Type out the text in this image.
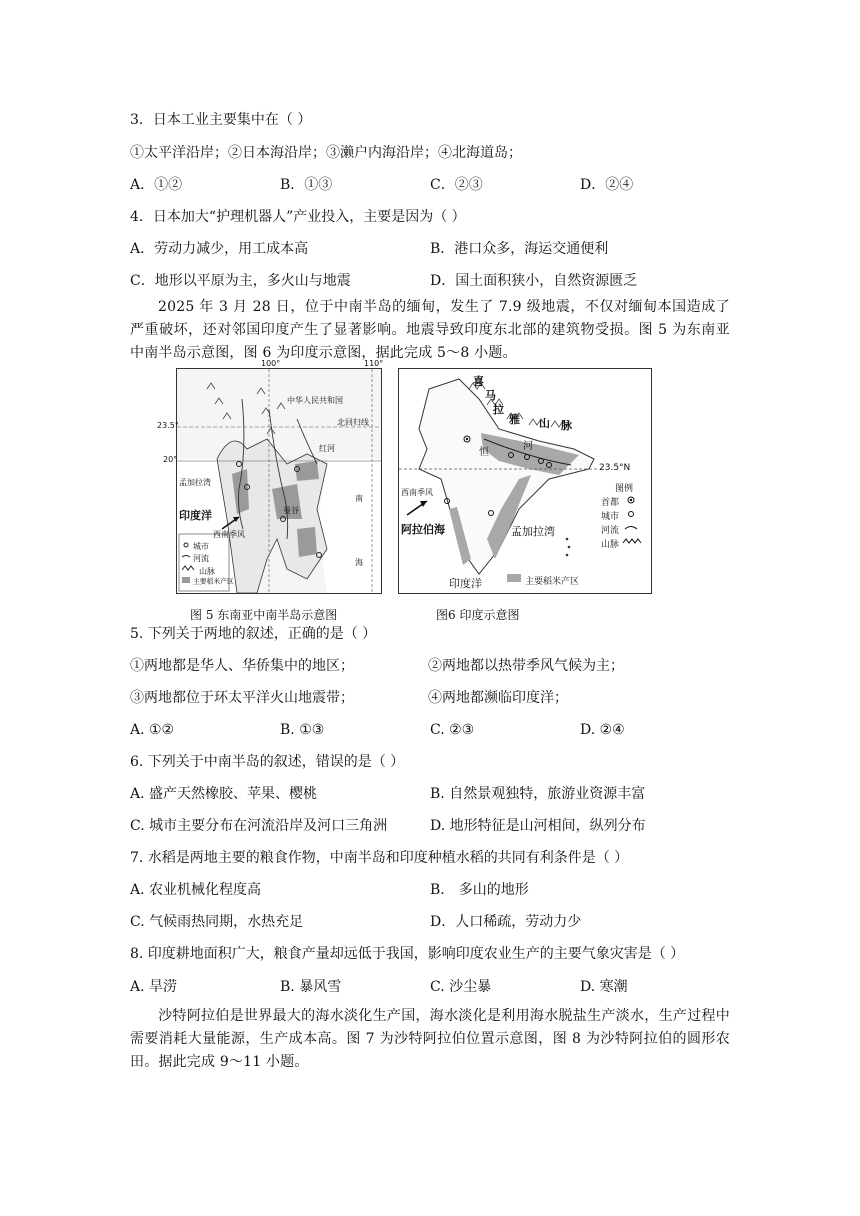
3．日本工业主要集中在（ ）
①太平洋沿岸；②日本海沿岸；③濑户内海沿岸；④北海道岛；
A．①②	B．①③	C．②③	D．②④
4．日本加大“护理机器人”产业投入，主要是因为（ ）
A．劳动力减少，用工成本高	B．港口众多，海运交通便利
C．地形以平原为主，多火山与地震	D．国土面积狭小，自然资源匮乏
2025 年 3 月 28 日，位于中南半岛的缅甸，发生了 7.9 级地震，不仅对缅甸本国造成了严重破坏，还对邻国印度产生了显著影响。地震导致印度东北部的建筑物受损。图 5 为东南亚中南半岛示意图，图 6 为印度示意图，据此完成 5～8 小题。
100°	110°
23.5°
20°
中华人民共和国
北回归线
红河
孟加拉湾
印度洋
西南季风
曼谷
南
海
城市
河流
山脉
主要稻米产区
图 5 东南亚中南半岛示意图
喜
马
拉
雅 山 脉
恒
河
23.5°N
西南季风
阿拉伯海	孟加拉湾
印度洋	主要稻米产区
图例
首都
城市
河流
山脉
图6 印度示意图
5. 下列关于两地的叙述，正确的是（ ）
①两地都是华人、华侨集中的地区；	②两地都以热带季风气候为主；
③两地都位于环太平洋火山地震带；	④两地都濒临印度洋；
A. ①②	B. ①③	C. ②③	D. ②④
6. 下列关于中南半岛的叙述，错误的是（ ）
A. 盛产天然橡胶、苹果、樱桃	B. 自然景观独特，旅游业资源丰富
C. 城市主要分布在河流沿岸及河口三角洲	D. 地形特征是山河相间，纵列分布
7. 水稻是两地主要的粮食作物，中南半岛和印度种植水稻的共同有利条件是（ ）
A. 农业机械化程度高	B． 多山的地形
C. 气候雨热同期，水热充足	D．人口稀疏，劳动力少
8. 印度耕地面积广大，粮食产量却远低于我国，影响印度农业生产的主要气象灾害是（ ）
A. 旱涝	B. 暴风雪	C. 沙尘暴	D. 寒潮
沙特阿拉伯是世界最大的海水淡化生产国，海水淡化是利用海水脱盐生产淡水，生产过程中需要消耗大量能源，生产成本高。图 7 为沙特阿拉伯位置示意图，图 8 为沙特阿拉伯的圆形农田。据此完成 9～11 小题。
